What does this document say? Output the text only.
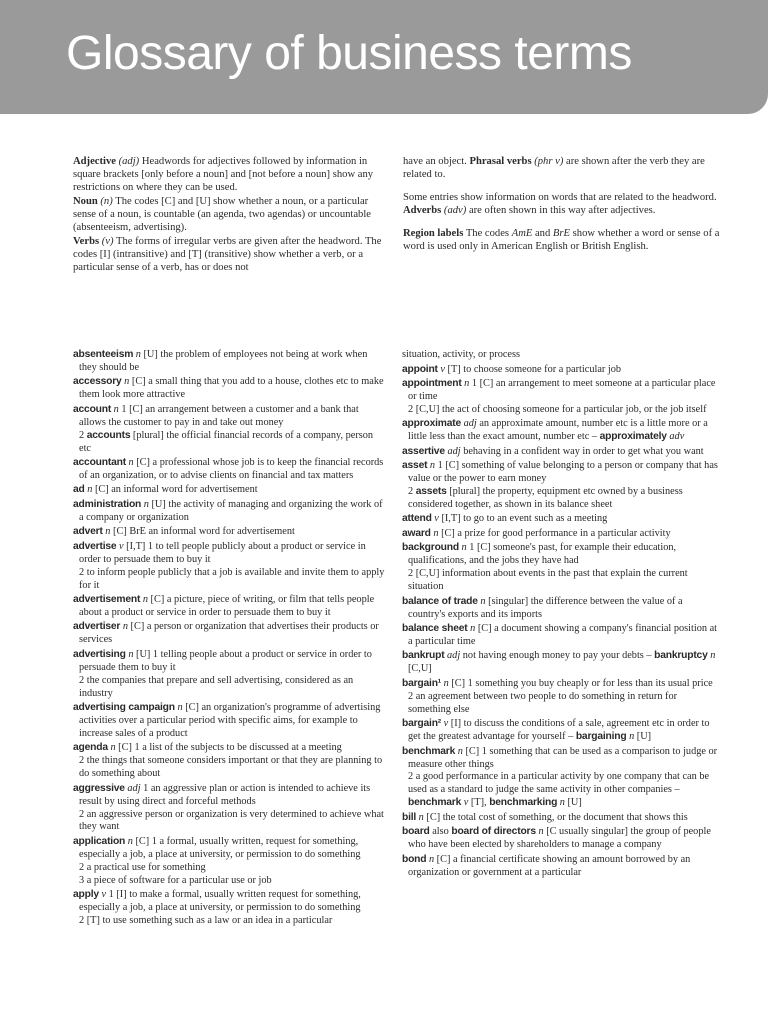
Glossary of business terms

Adjective (adj) Headwords for adjectives followed by information in square brackets [only before a noun] and [not before a noun] show any restrictions on where they can be used.

Noun (n) The codes [C] and [U] show whether a noun, or a particular sense of a noun, is countable (an agenda, two agendas) or uncountable (absenteeism, advertising).

Verbs (v) The forms of irregular verbs are given after the headword. The codes [I] (intransitive) and [T] (transitive) show whether a verb, or a particular sense of a verb, has or does not

have an object. Phrasal verbs (phr v) are shown after the verb they are related to.

Some entries show information on words that are related to the headword. Adverbs (adv) are often shown in this way after adjectives.

Region labels The codes AmE and BrE show whether a word or sense of a word is used only in American English or British English.

absenteeism n [U] the problem of employees not being at work when they should be
accessory n [C] a small thing that you add to a house, clothes etc to make them look more attractive
account n 1 [C] an arrangement between a customer and a bank that allows the customer to pay in and take out money
2 accounts [plural] the official financial records of a company, person etc
accountant n [C] a professional whose job is to keep the financial records of an organization, or to advise clients on financial and tax matters
ad n [C] an informal word for advertisement
administration n [U] the activity of managing and organizing the work of a company or organization
advert n [C] BrE an informal word for advertisement
advertise v [I,T] 1 to tell people publicly about a product or service in order to persuade them to buy it
2 to inform people publicly that a job is available and invite them to apply for it
advertisement n [C] a picture, piece of writing, or film that tells people about a product or service in order to persuade them to buy it
advertiser n [C] a person or organization that advertises their products or services
advertising n [U] 1 telling people about a product or service in order to persuade them to buy it
2 the companies that prepare and sell advertising, considered as an industry
advertising campaign n [C] an organization's programme of advertising activities over a particular period with specific aims, for example to increase sales of a product
agenda n [C] 1 a list of the subjects to be discussed at a meeting
2 the things that someone considers important or that they are planning to do something about
aggressive adj 1 an aggressive plan or action is intended to achieve its result by using direct and forceful methods
2 an aggressive person or organization is very determined to achieve what they want
application n [C] 1 a formal, usually written, request for something, especially a job, a place at university, or permission to do something
2 a practical use for something
3 a piece of software for a particular use or job
apply v 1 [I] to make a formal, usually written request for something, especially a job, a place at university, or permission to do something
2 [T] to use something such as a law or an idea in a particular
situation, activity, or process
appoint v [T] to choose someone for a particular job
appointment n 1 [C] an arrangement to meet someone at a particular place or time
2 [C,U] the act of choosing someone for a particular job, or the job itself
approximate adj an approximate amount, number etc is a little more or a little less than the exact amount, number etc – approximately adv
assertive adj behaving in a confident way in order to get what you want
asset n 1 [C] something of value belonging to a person or company that has value or the power to earn money
2 assets [plural] the property, equipment etc owned by a business considered together, as shown in its balance sheet
attend v [I,T] to go to an event such as a meeting
award n [C] a prize for good performance in a particular activity
background n 1 [C] someone's past, for example their education, qualifications, and the jobs they have had
2 [C,U] information about events in the past that explain the current situation
balance of trade n [singular] the difference between the value of a country's exports and its imports
balance sheet n [C] a document showing a company's financial position at a particular time
bankrupt adj not having enough money to pay your debts – bankruptcy n [C,U]
bargain¹ n [C] 1 something you buy cheaply or for less than its usual price
2 an agreement between two people to do something in return for something else
bargain² v [I] to discuss the conditions of a sale, agreement etc in order to get the greatest advantage for yourself – bargaining n [U]
benchmark n [C] 1 something that can be used as a comparison to judge or measure other things
2 a good performance in a particular activity by one company that can be used as a standard to judge the same activity in other companies – benchmark v [T], benchmarking n [U]
bill n [C] the total cost of something, or the document that shows this
board also board of directors n [C usually singular] the group of people who have been elected by shareholders to manage a company
bond n [C] a financial certificate showing an amount borrowed by an organization or government at a particular
